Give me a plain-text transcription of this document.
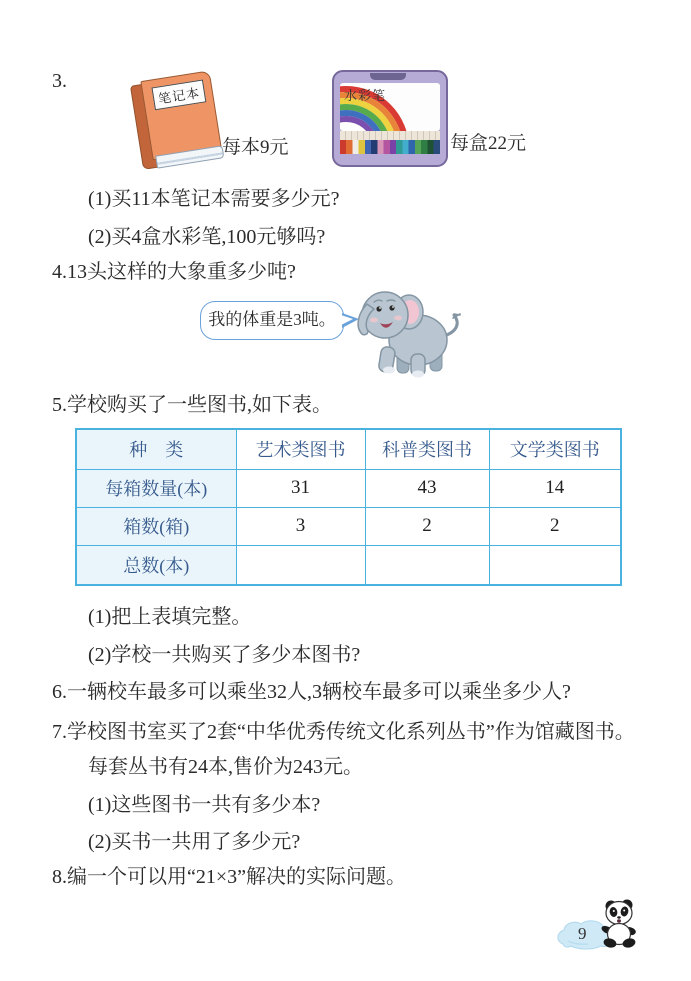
3.
笔记本
每本9元
水彩笔
每盒22元
(1)买11本笔记本需要多少元?
(2)买4盒水彩笔,100元够吗?
4.13头这样的大象重多少吨?
我的体重是3吨。
5.学校购买了一些图书,如下表。
种　类	艺术类图书	科普类图书	文学类图书
每箱数量(本)	31	43	14
箱数(箱)	3	2	2
总数(本)			
(1)把上表填完整。
(2)学校一共购买了多少本图书?
6.一辆校车最多可以乘坐32人,3辆校车最多可以乘坐多少人?
7.学校图书室买了2套“中华优秀传统文化系列丛书”作为馆藏图书。
每套丛书有24本,售价为243元。
(1)这些图书一共有多少本?
(2)买书一共用了多少元?
8.编一个可以用“21×3”解决的实际问题。
9
